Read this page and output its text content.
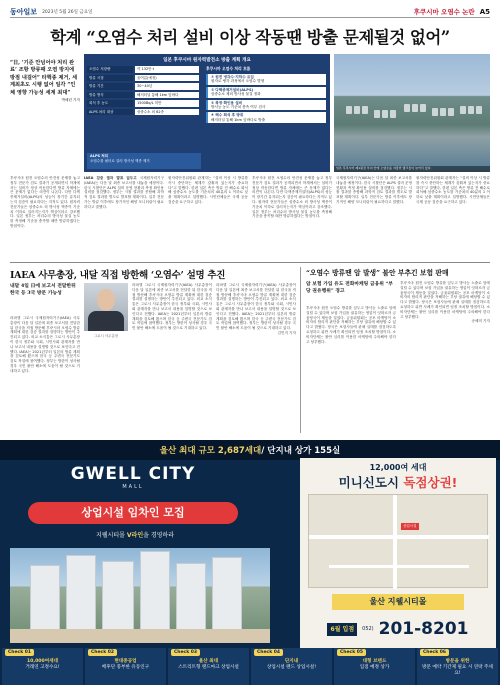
동아일보 2023년 5월 26일 금요일	후쿠시마 오염수 논란 A5
학계 “오염수 처리 설비 이상 작동땐 방출 문제될것 없어”
“日, ‘기준 안넘어야 처리 완료’ 조항 방류때 오염 방지에 방점 내걸어” 타핵종 제거, 세계최초도 시행 없어 일각 “인체 영향 가능성 세계 최대”
박혜린 기자
후쿠시마 원전 오염수의 안전성 문제를 놓고 정부 전문가 검토 결과가 공개되면서 학계에서는 설비가 정상 작동한다면 방류 자체에는 큰 문제가 없다는 의견이 나온다. 다만 다핵종제거설비(ALPS)의 성능이 장기간 유지되는지 검증이 필요하다는 지적도 있다. 원자력 전문가들은 삼중수소 외 방사성 핵종이 기준치 이하로 걸러지는지가 핵심이라고 강조했다. 일본 정부는 처리수의 방사성 물질 농도를 측정해 기준을 충족할 때만 방류하겠다는 방침이다.
일본 후쿠시마 원자력발전소 방출 계획 개요
오염수 저장량	약 132만 t
방류 시점	올여름(예정)
방류 기간	30~40년
방류 방식	해저터널 통해 1km 앞바다
희석 후 농도	1500Bq/L 미만
ALPS 처리 대상	삼중수소 외 62종
ALPS 처리
오염수를 필터로 걸러 방사성 핵종 제거
후쿠시마 오염수 처리 흐름
① 원전 냉각수·지하수 유입
원자로 냉각 과정에서 오염수 발생
② 다핵종제거설비(ALPS)
삼중수소 제외 방사성 물질 정화
③ 측정·확인용 설비
방사능 농도 기준치 충족 여부 검사
④ 해수 희석 후 방류
해저터널 통해 1km 앞바다로 방출
일본 후쿠시마 제1원전 부지 안에 오염수를 저장한 탱크들이 늘어서 있다.
IAEA 검증 결과 발표 앞두고 국제원자력기구(IAEA)는 다음 달 최종 보고서를 내놓을 예정이다. 한국 시찰단은 ALPS 설비 운영 현황과 측정 확인용 설비를 점검했다. 정부는 시찰 결과를 종합해 과학적 검토 결과를 별도로 발표할 계획이다. 일부 전문가는 방류 이후에도 장기적인 해양 모니터링이 필요하다고 말했다.
원자력안전위원회 관계자는 “설비 이상 시 방류를 즉시 중단하는 체계가 갖춰져 있는지가 중요하다”고 말했다. 한편 일본 측은 방류 전 해수로 희석해 삼중수소 농도를 기준치의 40분의 1 이하로 낮출 계획이라고 설명했다. 시민단체들은 국제 공동 검증을 요구하고 있다.
후쿠시마 원전 오염수의 안전성 문제를 놓고 정부 전문가 검토 결과가 공개되면서 학계에서는 설비가 정상 작동한다면 방류 자체에는 큰 문제가 없다는 의견이 나온다. 다만 다핵종제거설비(ALPS)의 성능이 장기간 유지되는지 검증이 필요하다는 지적도 있다. 원자력 전문가들은 삼중수소 외 방사성 핵종이 기준치 이하로 걸러지는지가 핵심이라고 강조했다. 일본 정부는 처리수의 방사성 물질 농도를 측정해 기준을 충족할 때만 방류하겠다는 방침이다.
국제원자력기구(IAEA)는 다음 달 최종 보고서를 내놓을 예정이다. 한국 시찰단은 ALPS 설비 운영 현황과 측정 확인용 설비를 점검했다. 정부는 시찰 결과를 종합해 과학적 검토 결과를 별도로 발표할 계획이다. 일부 전문가는 방류 이후에도 장기적인 해양 모니터링이 필요하다고 말했다.
원자력안전위원회 관계자는 “설비 이상 시 방류를 즉시 중단하는 체계가 갖춰져 있는지가 중요하다”고 말했다. 한편 일본 측은 방류 전 해수로 희석해 삼중수소 농도를 기준치의 40분의 1 이하로 낮출 계획이라고 설명했다. 시민단체들은 국제 공동 검증을 요구하고 있다.
IAEA 사무총장, 내달 직접 방한해 ‘오염수’ 설명 추진
내달 4일 日에 보고서 전달한뒤 한국 등 3국 방문 가능성
그로시 사무총장
라파엘 그로시 국제원자력기구(IAEA) 사무총장이 다음 달 일본에 최종 보고서를 전달한 뒤 한국을 직접 방문해 후쿠시마 오염수 방류 계획에 대한 검증 결과를 설명하는 방안이 추진되고 있다. 외교 소식통은 그로시 사무총장이 한국 정부와 국회, 시민사회 관계자를 만나 보고서 내용을 설명할 것으로 보인다고 전했다. IAEA는 2021년부터 일본의 방류 계획을 검토해 왔으며 한국 등 주변국 전문가도 검토 작업에 참여했다. 정부는 방한이 성사될 경우 국민 불안 해소에 도움이 될 것으로 기대하고 있다.
라파엘 그로시 국제원자력기구(IAEA) 사무총장이 다음 달 일본에 최종 보고서를 전달한 뒤 한국을 직접 방문해 후쿠시마 오염수 방류 계획에 대한 검증 결과를 설명하는 방안이 추진되고 있다. 외교 소식통은 그로시 사무총장이 한국 정부와 국회, 시민사회 관계자를 만나 보고서 내용을 설명할 것으로 보인다고 전했다. IAEA는 2021년부터 일본의 방류 계획을 검토해 왔으며 한국 등 주변국 전문가도 검토 작업에 참여했다. 정부는 방한이 성사될 경우 국민 불안 해소에 도움이 될 것으로 기대하고 있다.
라파엘 그로시 국제원자력기구(IAEA) 사무총장이 다음 달 일본에 최종 보고서를 전달한 뒤 한국을 직접 방문해 후쿠시마 오염수 방류 계획에 대한 검증 결과를 설명하는 방안이 추진되고 있다. 외교 소식통은 그로시 사무총장이 한국 정부와 국회, 시민사회 관계자를 만나 보고서 내용을 설명할 것으로 보인다고 전했다. IAEA는 2021년부터 일본의 방류 계획을 검토해 왔으며 한국 등 주변국 전문가도 검토 작업에 참여했다. 정부는 방한이 성사될 경우 국민 불안 해소에 도움이 될 것으로 기대하고 있다.
김민지 기자
“오염수 방류땐 암 발생” 불안 부추긴 보험 판매
암 보험 가입 유도 전화마케팅 금융위 “부당 권유행위” 경고
후쿠시마 원전 오염수 방류를 앞두고 방사능 노출로 암에 걸릴 수 있다며 보험 가입을 권유하는 영업이 잇따르자 금융당국이 제동을 걸었다. 금융위원회는 공포 마케팅이 소비자의 합리적 판단을 저해하는 부당 권유에 해당할 수 있다고 밝혔다. 당국은 보험사들에 판매 실태를 점검하도록 요청하고 위반 사례가 확인되면 엄정 조치할 방침이다. 소비자단체는 불안 심리를 이용한 마케팅에 주의해야 한다고 당부했다.
후쿠시마 원전 오염수 방류를 앞두고 방사능 노출로 암에 걸릴 수 있다며 보험 가입을 권유하는 영업이 잇따르자 금융당국이 제동을 걸었다. 금융위원회는 공포 마케팅이 소비자의 합리적 판단을 저해하는 부당 권유에 해당할 수 있다고 밝혔다. 당국은 보험사들에 판매 실태를 점검하도록 요청하고 위반 사례가 확인되면 엄정 조치할 방침이다. 소비자단체는 불안 심리를 이용한 마케팅에 주의해야 한다고 당부했다.
송혜미 기자
울산 최대 규모 2,687세대 / 단지내 상가 155실
GWELL CITY
MALL
상업시설 임차인 모집
지웰시티몰 V라인을 경영하라
12,000여 세대
미니신도시 독점상권!
상업시설
울산 지웰시티몰
6월 입점	052) 201-8201
Check 01
10,000여세대
거래연 고정수요!
Check 02
현대중공업
배후단 풍부한 유동인구
Check 03
울산 최대
스트리트형 랜드마크 상업시설
Check 04
단지내
상업시설 랜드 상업시설!
Check 05
대형 브랜드
입점 예정 상가
Check 06
방문을 위한
방문 예약 기간제 필요 시 연락 주세요!
